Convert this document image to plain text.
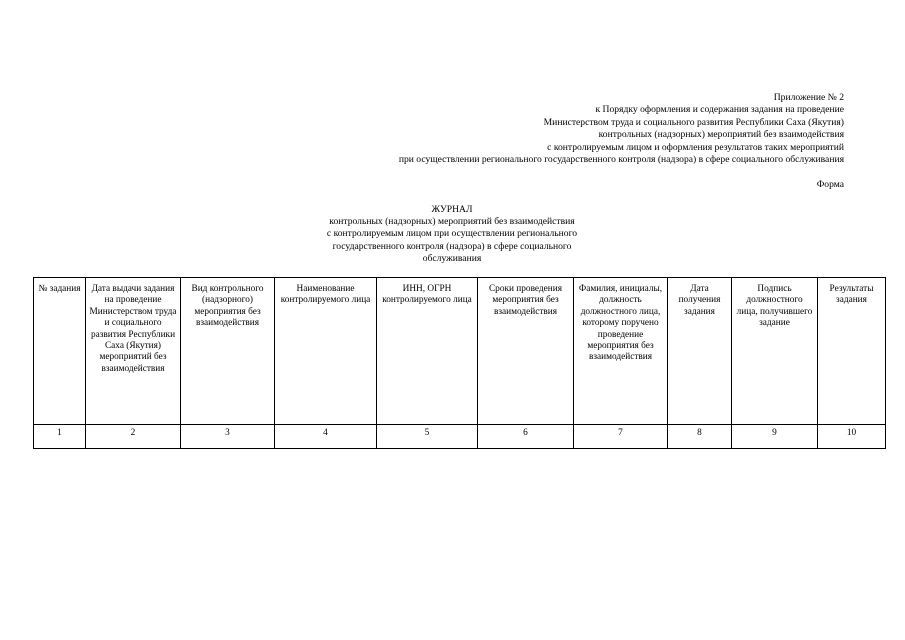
Приложение № 2
к Порядку оформления и содержания задания на проведение
Министерством труда и социального развития Республики Саха (Якутия)
контрольных (надзорных) мероприятий без взаимодействия
с контролируемым лицом и оформления результатов таких мероприятий
при осуществлении регионального государственного контроля (надзора) в сфере социального обслуживания
Форма
ЖУРНАЛ
контрольных (надзорных) мероприятий без взаимодействия
с контролируемым лицом при осуществлении регионального
государственного контроля (надзора) в сфере социального
обслуживания
№ задания	Дата выдачи задания на проведение Министерством труда и социального развития Республики Саха (Якутия) мероприятий без взаимодействия	Вид контрольного (надзорного) мероприятия без взаимодействия	Наименование контролируемого лица	ИНН, ОГРН контролируемого лица	Сроки проведения мероприятия без взаимодействия	Фамилия, инициалы, должность должностного лица, которому поручено проведение мероприятия без взаимодействия	Дата получения задания	Подпись должностного лица, получившего задание	Результаты задания
1	2	3	4	5	6	7	8	9	10
